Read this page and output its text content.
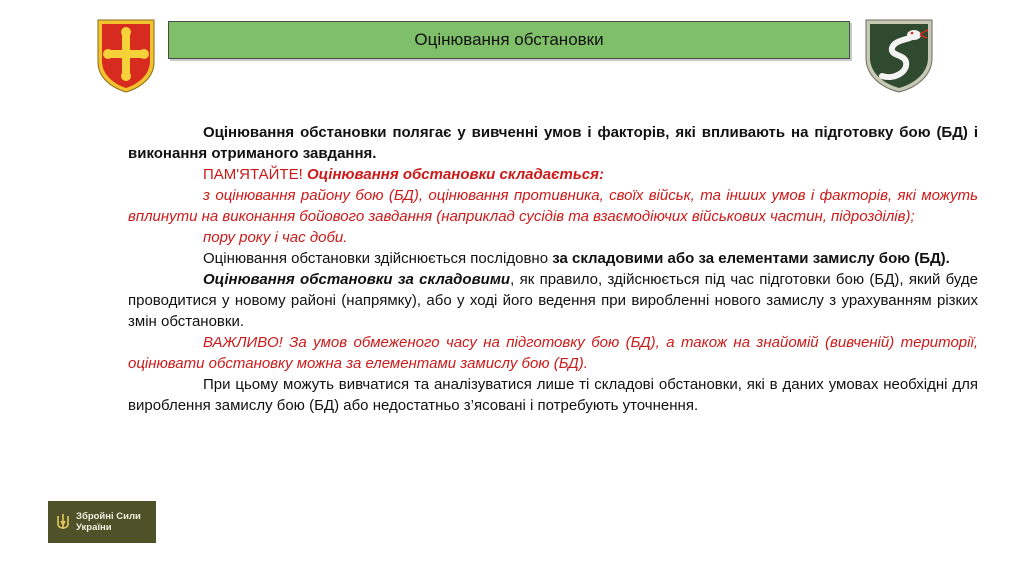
Оцінювання обстановки

Оцінювання обстановки полягає у вивченні умов і факторів, які впливають на підготовку бою (БД) і виконання отриманого завдання.

ПАМ'ЯТАЙТЕ! Оцінювання обстановки складається:

з оцінювання району бою (БД), оцінювання противника, своїх військ, та інших умов і факторів, які можуть вплинути на виконання бойового завдання (наприклад сусідів та взаємодіючих військових частин, підрозділів);

пору року і час доби.

Оцінювання обстановки здійснюється послідовно за складовими або за елементами замислу бою (БД).

Оцінювання обстановки за складовими, як правило, здійснюється під час підготовки бою (БД), який буде проводитися у новому районі (напрямку), або у ході його ведення при виробленні нового замислу з урахуванням різких змін обстановки.

ВАЖЛИВО! За умов обмеженого часу на підготовку бою (БД), а також на знайомій (вивченій) території, оцінювати обстановку можна за елементами замислу бою (БД).

При цьому можуть вивчатися та аналізуватися лише ті складові обстановки, які в даних умовах необхідні для вироблення замислу бою (БД) або недостатньо з’ясовані і потребують уточнення.

Збройні Сили
України
